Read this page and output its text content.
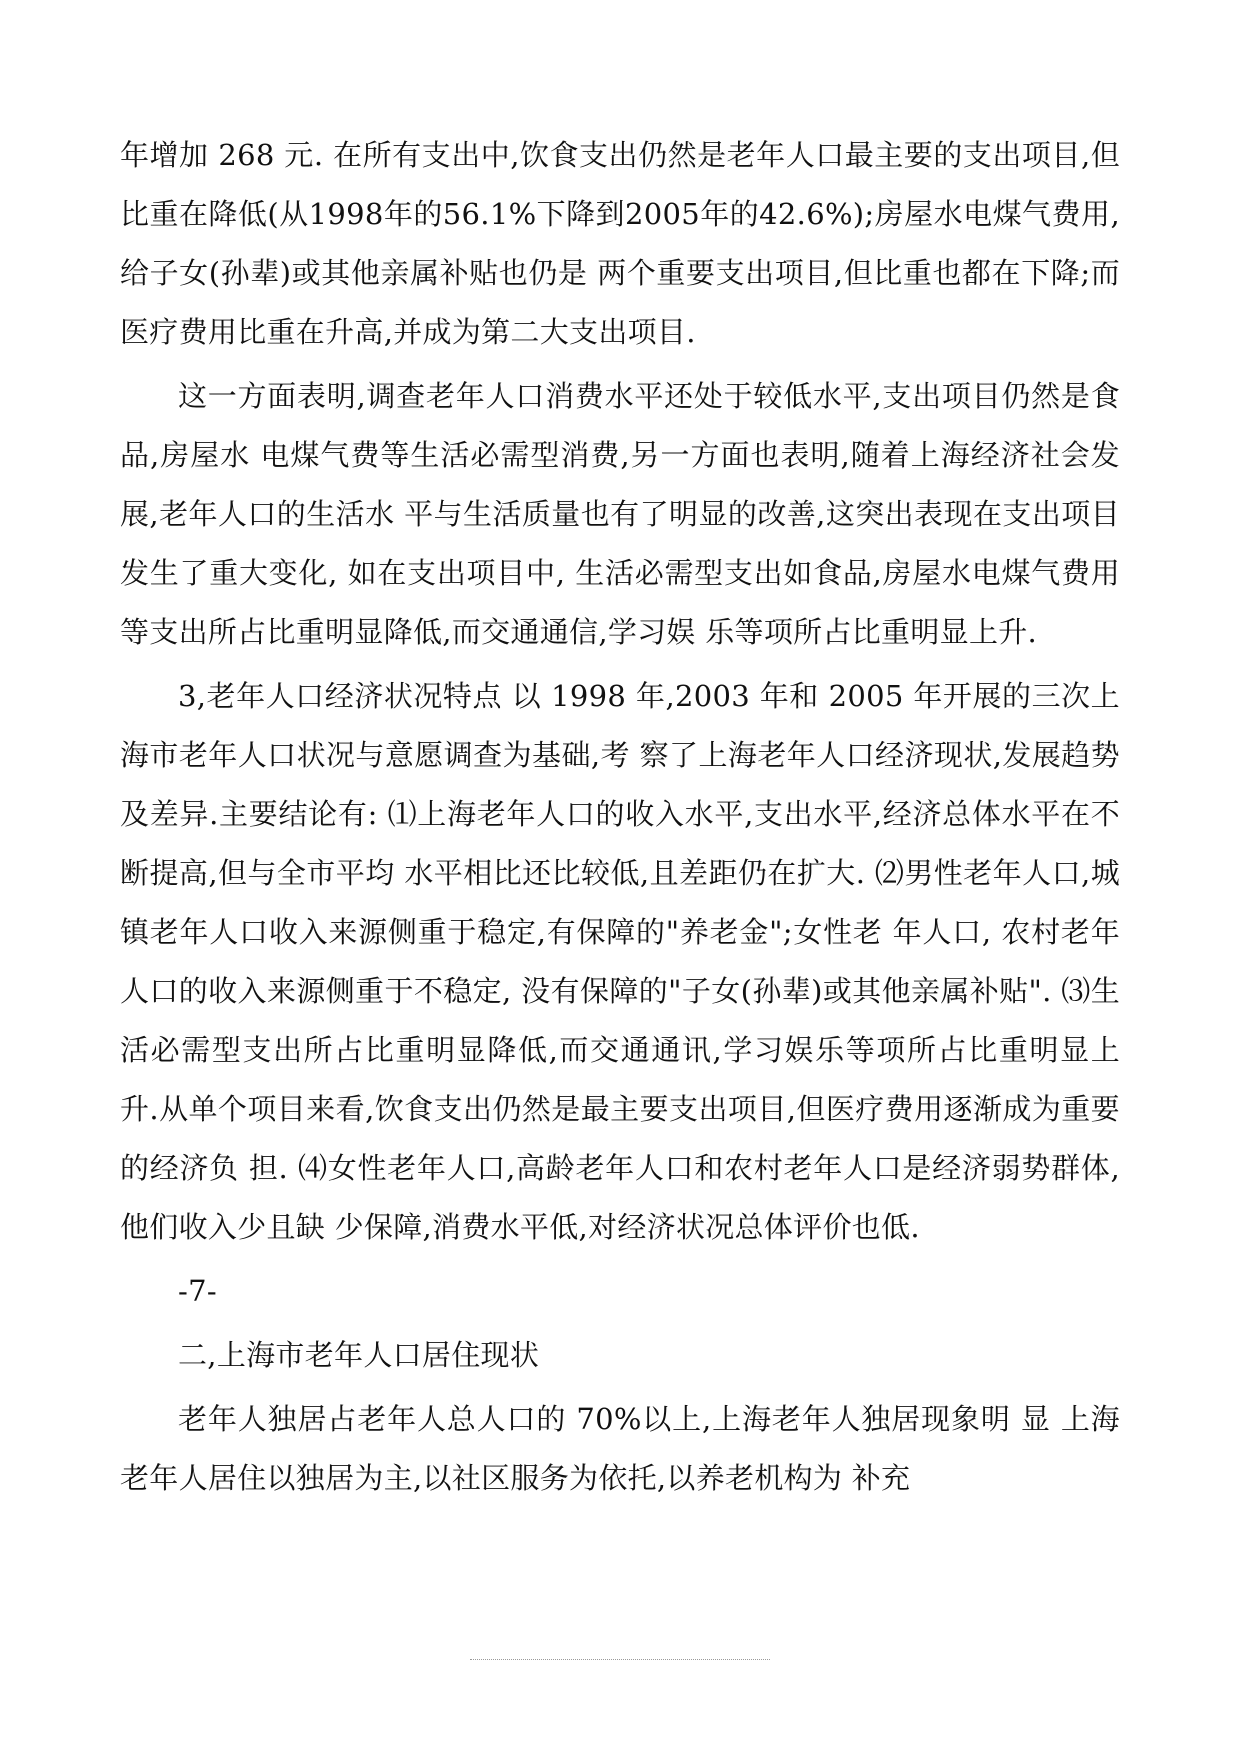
年增加 268 元. 在所有支出中,饮食支出仍然是老年人口最主要的支出项目,但比重在降低(从1998年的56.1%下降到2005年的42.6%);房屋水电煤气费用,给子女(孙辈)或其他亲属补贴也仍是 两个重要支出项目,但比重也都在下降;而医疗费用比重在升高,并成为第二大支出项目.

这一方面表明,调查老年人口消费水平还处于较低水平,支出项目仍然是食品,房屋水 电煤气费等生活必需型消费,另一方面也表明,随着上海经济社会发展,老年人口的生活水 平与生活质量也有了明显的改善,这突出表现在支出项目发生了重大变化, 如在支出项目中, 生活必需型支出如食品,房屋水电煤气费用等支出所占比重明显降低,而交通通信,学习娱 乐等项所占比重明显上升.

3,老年人口经济状况特点 以 1998 年,2003 年和 2005 年开展的三次上海市老年人口状况与意愿调查为基础,考 察了上海老年人口经济现状,发展趋势及差异.主要结论有: ⑴上海老年人口的收入水平,支出水平,经济总体水平在不断提高,但与全市平均 水平相比还比较低,且差距仍在扩大. ⑵男性老年人口,城镇老年人口收入来源侧重于稳定,有保障的"养老金";女性老 年人口, 农村老年人口的收入来源侧重于不稳定, 没有保障的"子女(孙辈)或其他亲属补贴". ⑶生活必需型支出所占比重明显降低,而交通通讯,学习娱乐等项所占比重明显上 升.从单个项目来看,饮食支出仍然是最主要支出项目,但医疗费用逐渐成为重要的经济负 担. ⑷女性老年人口,高龄老年人口和农村老年人口是经济弱势群体,他们收入少且缺 少保障,消费水平低,对经济状况总体评价也低.

-7-

二,上海市老年人口居住现状

老年人独居占老年人总人口的 70%以上,上海老年人独居现象明 显 上海老年人居住以独居为主,以社区服务为依托,以养老机构为 补充
